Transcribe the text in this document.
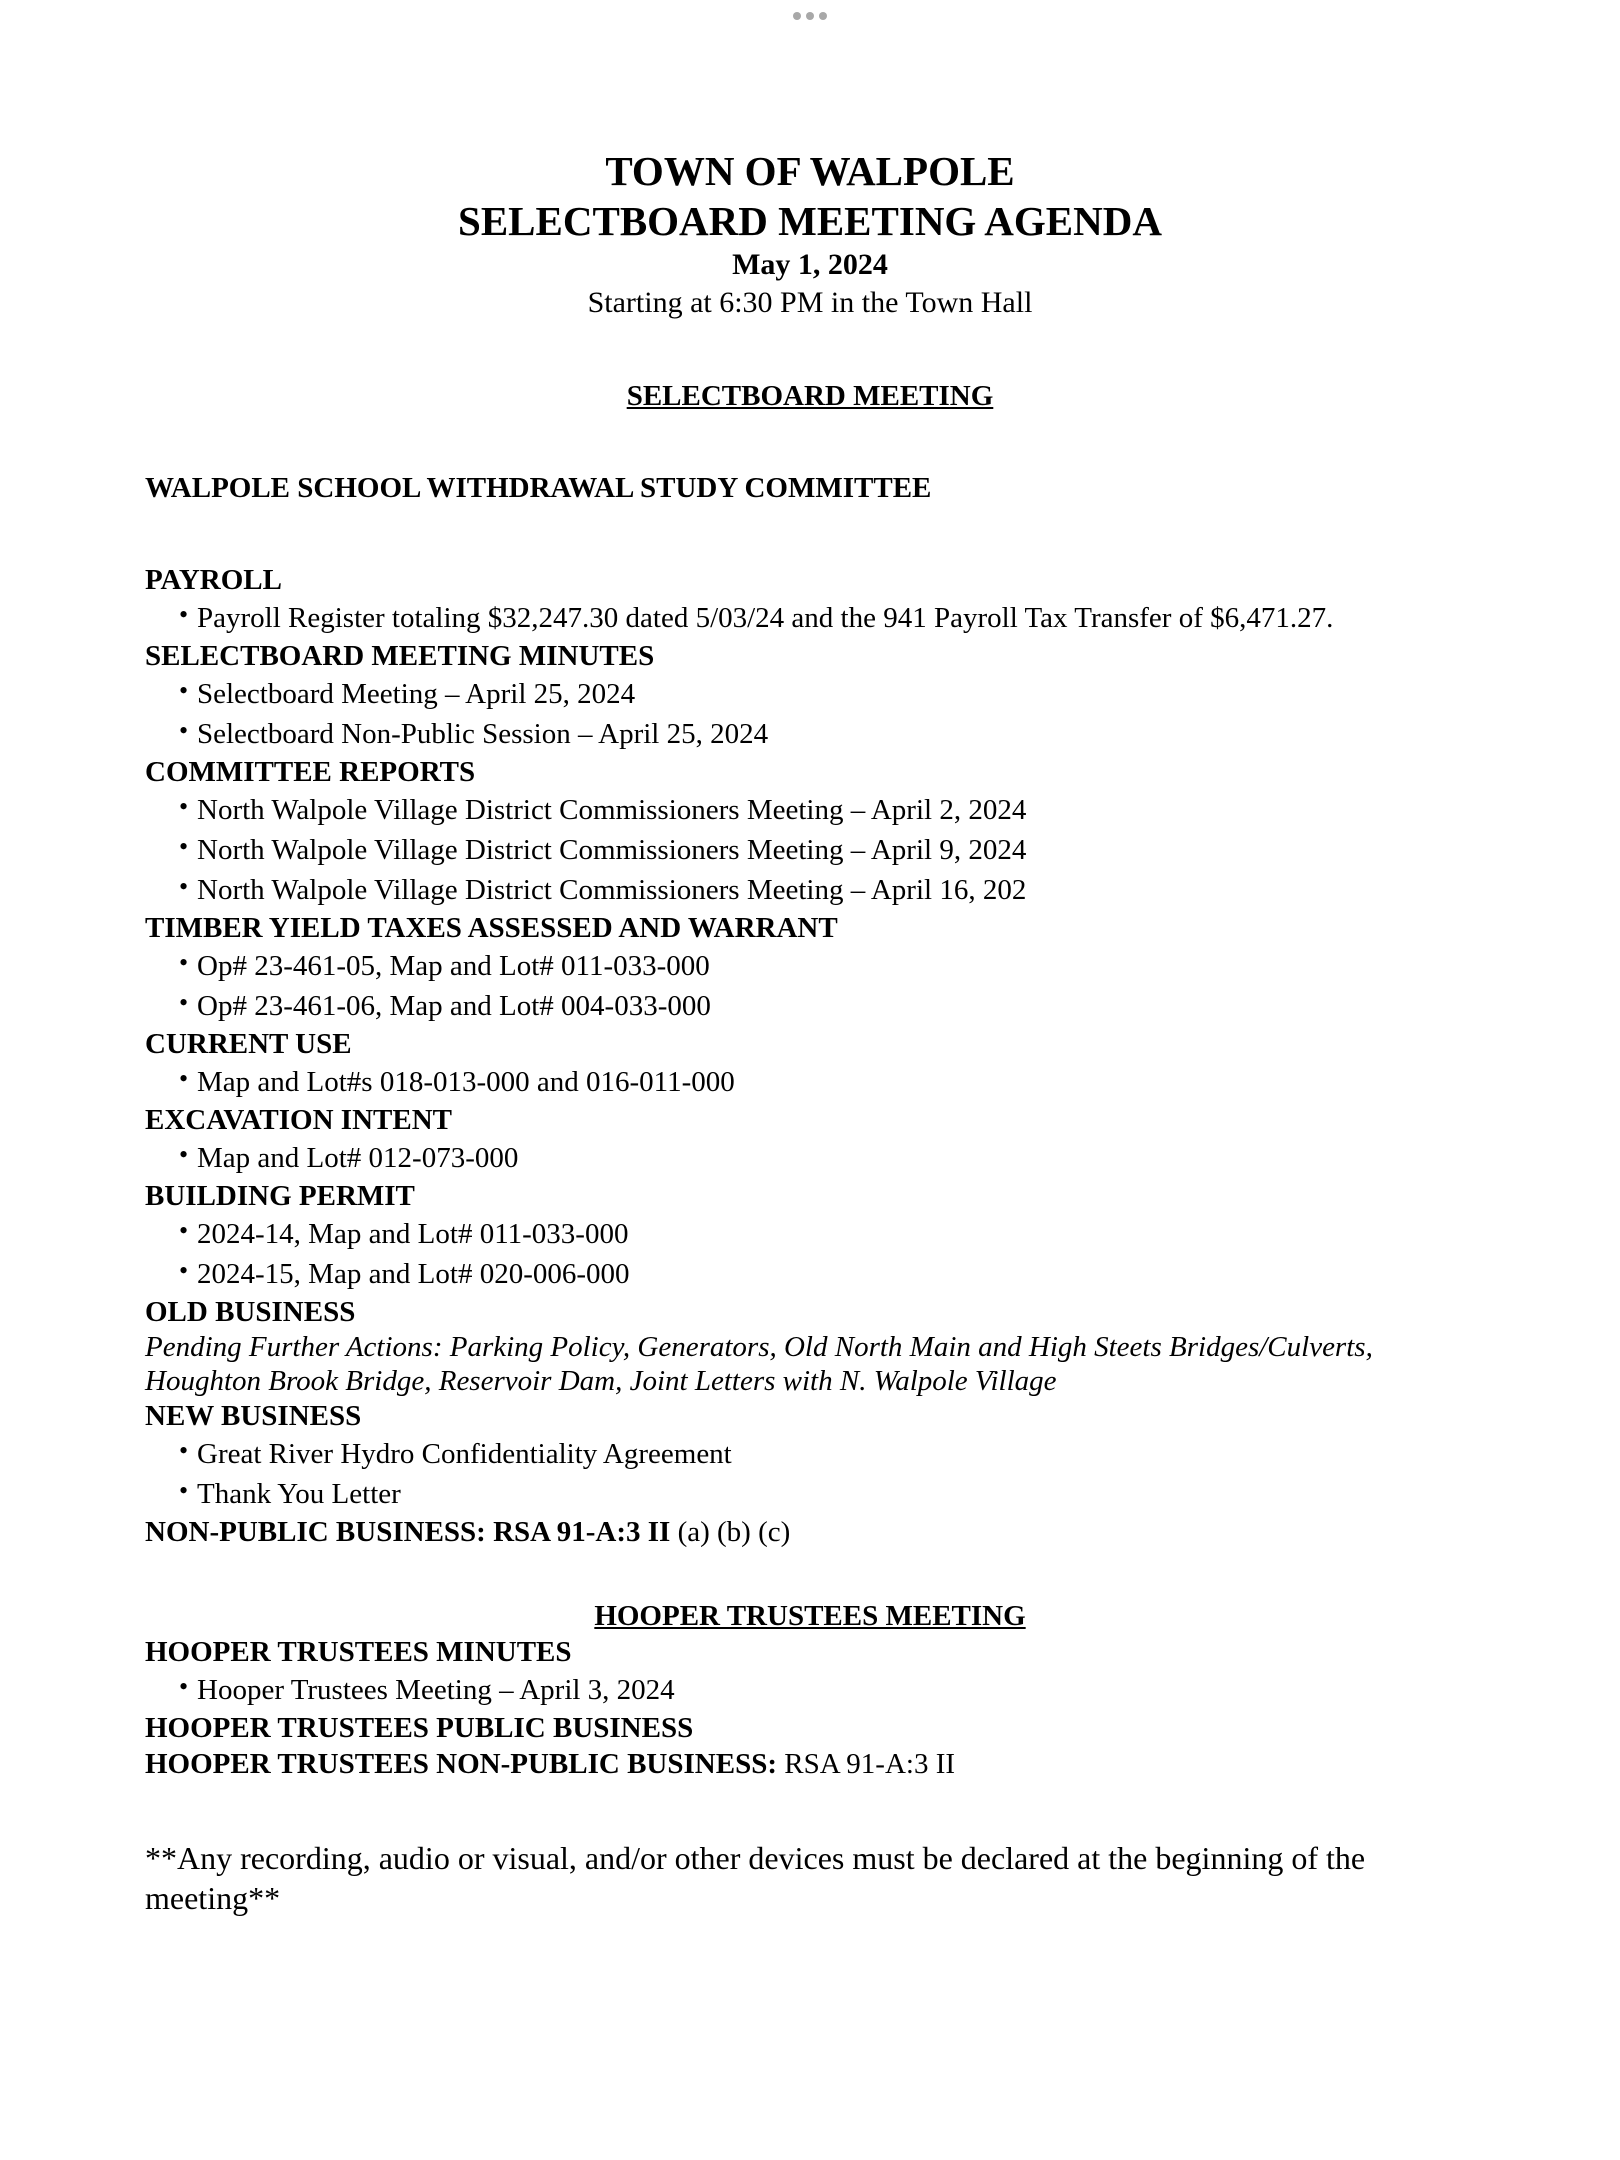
TOWN OF WALPOLE
SELECTBOARD MEETING AGENDA
May 1, 2024
Starting at 6:30 PM in the Town Hall
SELECTBOARD MEETING

WALPOLE SCHOOL WITHDRAWAL STUDY COMMITTEE

PAYROLL

• Payroll Register totaling $32,247.30 dated 5/03/24 and the 941 Payroll Tax Transfer of $6,471.27.

SELECTBOARD MEETING MINUTES

• Selectboard Meeting – April 25, 2024
• Selectboard Non-Public Session – April 25, 2024

COMMITTEE REPORTS

• North Walpole Village District Commissioners Meeting – April 2, 2024
• North Walpole Village District Commissioners Meeting – April 9, 2024
• North Walpole Village District Commissioners Meeting – April 16, 202

TIMBER YIELD TAXES ASSESSED AND WARRANT

• Op# 23-461-05, Map and Lot# 011-033-000
• Op# 23-461-06, Map and Lot# 004-033-000

CURRENT USE

• Map and Lot#s 018-013-000 and 016-011-000

EXCAVATION INTENT

• Map and Lot# 012-073-000

BUILDING PERMIT

• 2024-14, Map and Lot# 011-033-000
• 2024-15, Map and Lot# 020-006-000

OLD BUSINESS

Pending Further Actions: Parking Policy, Generators, Old North Main and High Steets Bridges/Culverts,
Houghton Brook Bridge, Reservoir Dam, Joint Letters with N. Walpole Village

NEW BUSINESS

• Great River Hydro Confidentiality Agreement
• Thank You Letter

NON-PUBLIC BUSINESS: RSA 91-A:3 II (a) (b) (c)

HOOPER TRUSTEES MEETING

HOOPER TRUSTEES MINUTES

• Hooper Trustees Meeting – April 3, 2024

HOOPER TRUSTEES PUBLIC BUSINESS

HOOPER TRUSTEES NON-PUBLIC BUSINESS: RSA 91-A:3 II

**Any recording, audio or visual, and/or other devices must be declared at the beginning of the
meeting**
